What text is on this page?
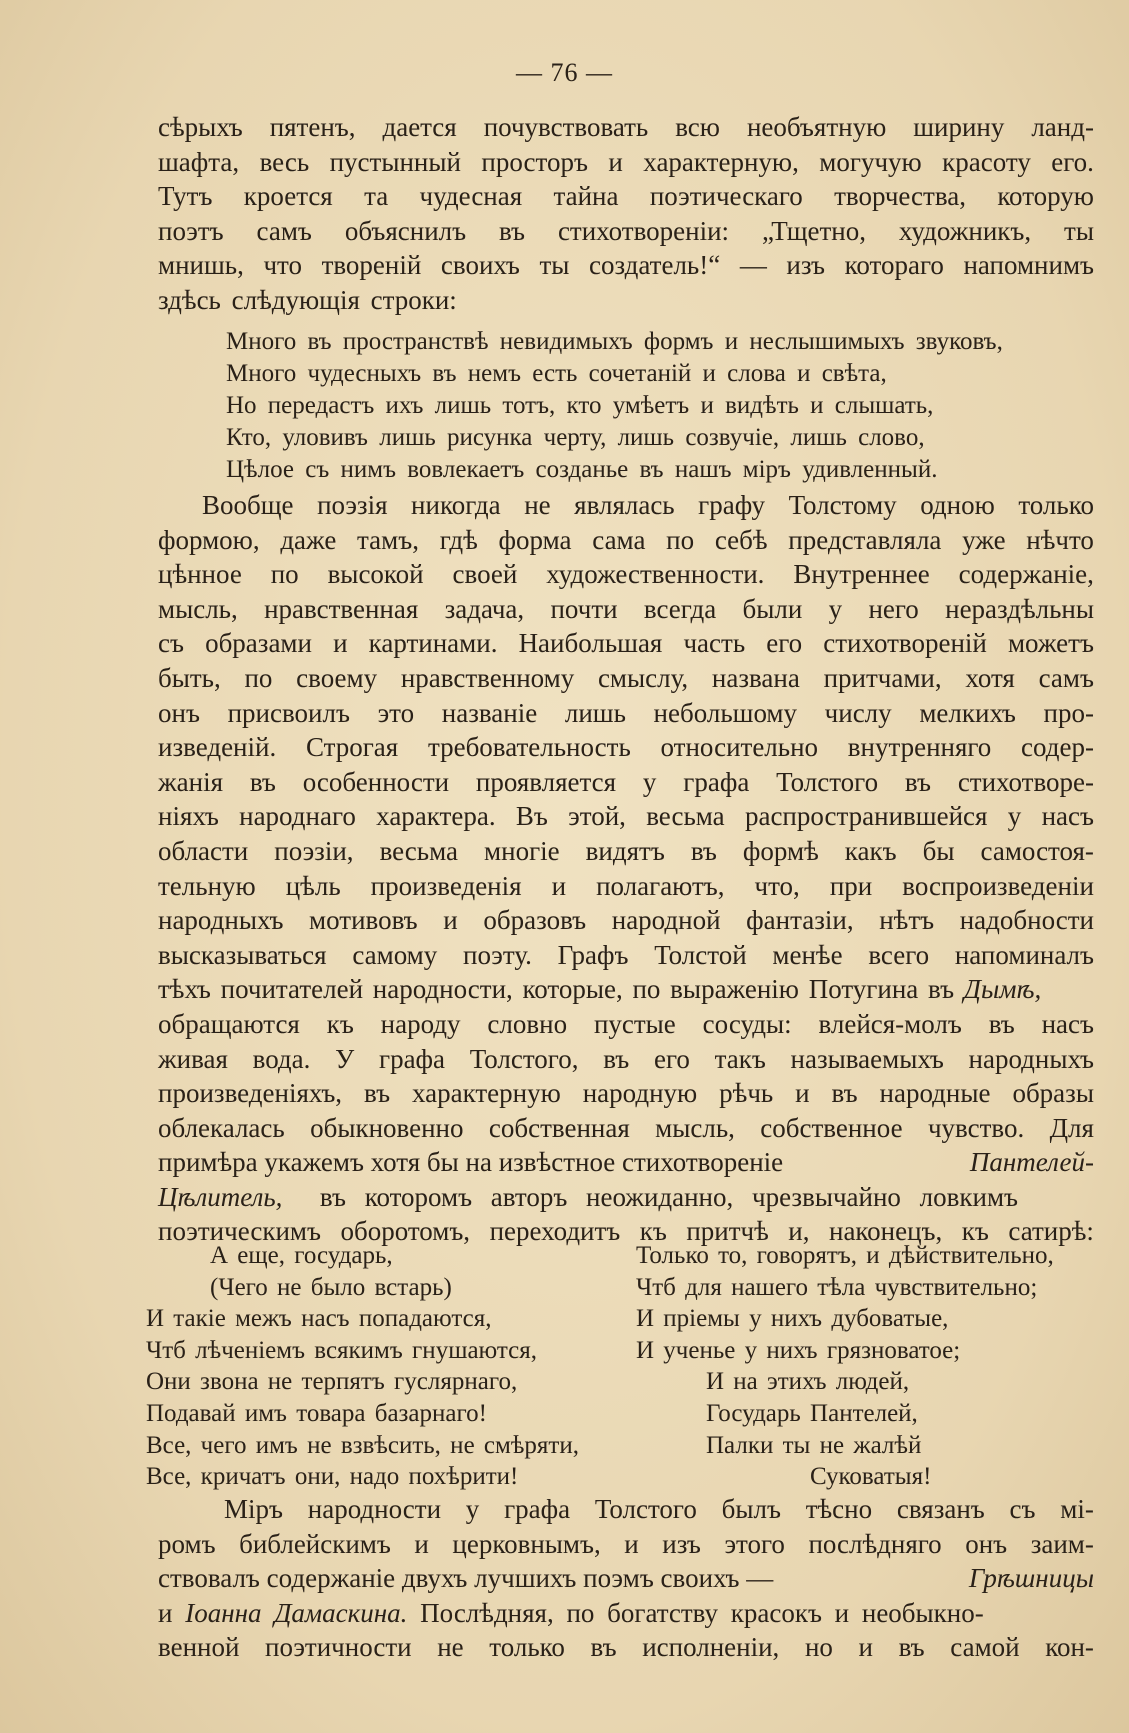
— 76 —
сѣрыхъ пятенъ, дается почувствовать всю необъятную ширину ланд-
шафта, весь пустынный просторъ и характерную, могучую красоту его.
Тутъ кроется та чудесная тайна поэтическаго творчества, которую
поэтъ самъ объяснилъ въ стихотвореніи: „Тщетно, художникъ, ты
мнишь, что твореній своихъ ты создатель!“ — изъ котораго напомнимъ
здѣсь слѣдующія строки:
Много въ пространствѣ невидимыхъ формъ и неслышимыхъ звуковъ,
Много чудесныхъ въ немъ есть сочетаній и слова и свѣта,
Но передастъ ихъ лишь тотъ, кто умѣетъ и видѣть и слышать,
Кто, уловивъ лишь рисунка черту, лишь созвучіе, лишь слово,
Цѣлое съ нимъ вовлекаетъ созданье въ нашъ міръ удивленный.
Вообще поэзія никогда не являлась графу Толстому одною только
формою, даже тамъ, гдѣ форма сама по себѣ представляла уже нѣчто
цѣнное по высокой своей художественности. Внутреннее содержаніе,
мысль, нравственная задача, почти всегда были у него нераздѣльны
съ образами и картинами. Наибольшая часть его стихотвореній можетъ
быть, по своему нравственному смыслу, названа притчами, хотя самъ
онъ присвоилъ это названіе лишь небольшому числу мелкихъ про-
изведеній. Строгая требовательность относительно внутренняго содер-
жанія въ особенности проявляется у графа Толстого въ стихотворе-
ніяхъ народнаго характера. Въ этой, весьма распространившейся у насъ
области поэзіи, весьма многіе видятъ въ формѣ какъ бы самостоя-
тельную цѣль произведенія и полагаютъ, что, при воспроизведеніи
народныхъ мотивовъ и образовъ народной фантазіи, нѣтъ надобности
высказываться самому поэту. Графъ Толстой менѣе всего напоминалъ
тѣхъ почитателей народности, которые, по выраженію Потугина въ
Дымѣ,
обращаются къ народу словно пустые сосуды: влейся-молъ въ насъ
живая вода. У графа Толстого, въ его такъ называемыхъ народныхъ
произведеніяхъ, въ характерную народную рѣчь и въ народные образы
облекалась обыкновенно собственная мысль, собственное чувство. Для
примѣра укажемъ хотя бы на извѣстное стихотвореніе	Пантелей-
Цѣлитель,
въ которомъ авторъ неожиданно, чрезвычайно ловкимъ
поэтическимъ оборотомъ, переходитъ къ притчѣ и, наконецъ, къ сатирѣ:
А еще, государь,
(Чего не было встарь)
И такіе межъ насъ попадаются,
Чтб лѣченіемъ всякимъ гнушаются,
Они звона не терпятъ гуслярнаго,
Подавай имъ товара базарнаго!
Все, чего имъ не взвѣсить, не смѣряти,
Все, кричатъ они, надо похѣрити!
Только то, говорятъ, и дѣйствительно,
Чтб для нашего тѣла чувствительно;
И пріемы у нихъ дубоватые,
И ученье у нихъ грязноватое;
И на этихъ людей,
Государь Пантелей,
Палки ты не жалѣй
Суковатыя!
Міръ народности у графа Толстого былъ тѣсно связанъ съ мі-
ромъ библейскимъ и церковнымъ, и изъ этого послѣдняго онъ заим-
ствовалъ содержаніе двухъ лучшихъ поэмъ своихъ —	Грѣшницы
и
Іоанна Дамаскина.
Послѣдняя, по богатству красокъ и необыкно-
венной поэтичности не только въ исполненіи, но и въ самой кон-
